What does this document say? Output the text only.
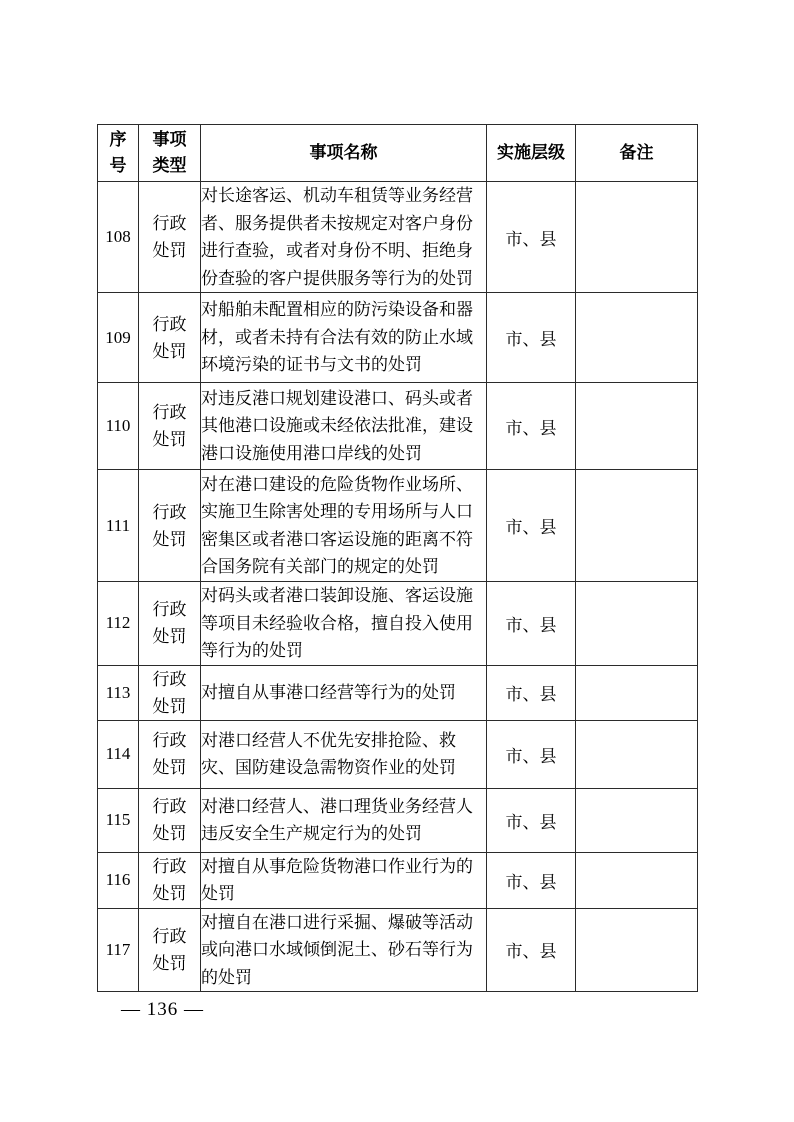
序号	事项类型	事项名称	实施层级	备注
108	行政处罚	对长途客运、机动车租赁等业务经营者、服务提供者未按规定对客户身份进行查验，或者对身份不明、拒绝身份查验的客户提供服务等行为的处罚	市、县	
109	行政处罚	对船舶未配置相应的防污染设备和器材，或者未持有合法有效的防止水域环境污染的证书与文书的处罚	市、县	
110	行政处罚	对违反港口规划建设港口、码头或者其他港口设施或未经依法批准，建设港口设施使用港口岸线的处罚	市、县	
111	行政处罚	对在港口建设的危险货物作业场所、实施卫生除害处理的专用场所与人口密集区或者港口客运设施的距离不符合国务院有关部门的规定的处罚	市、县	
112	行政处罚	对码头或者港口装卸设施、客运设施等项目未经验收合格，擅自投入使用等行为的处罚	市、县	
113	行政处罚	对擅自从事港口经营等行为的处罚	市、县	
114	行政处罚	对港口经营人不优先安排抢险、救灾、国防建设急需物资作业的处罚	市、县	
115	行政处罚	对港口经营人、港口理货业务经营人违反安全生产规定行为的处罚	市、县	
116	行政处罚	对擅自从事危险货物港口作业行为的处罚	市、县	
117	行政处罚	对擅自在港口进行采掘、爆破等活动或向港口水域倾倒泥土、砂石等行为的处罚	市、县	
— 136 —
